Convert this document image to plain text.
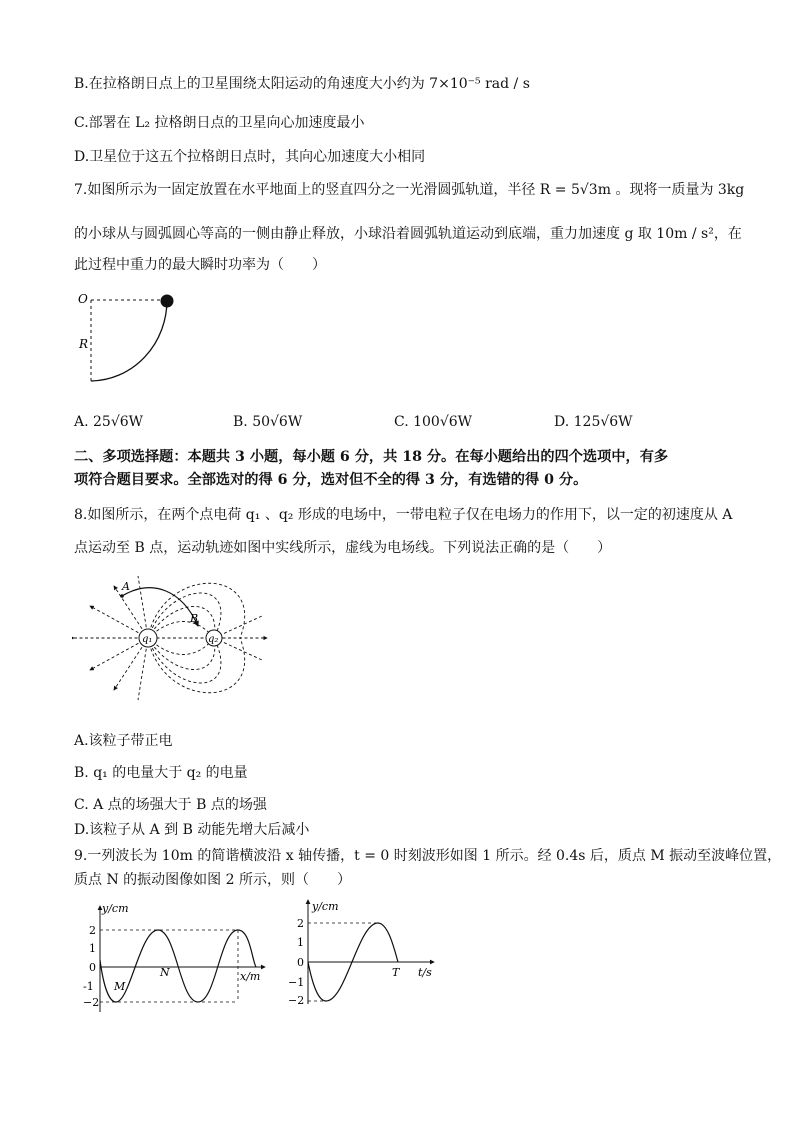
B.在拉格朗日点上的卫星围绕太阳运动的角速度大小约为 7×10⁻⁵ rad / s
C.部署在 L₂ 拉格朗日点的卫星向心加速度最小
D.卫星位于这五个拉格朗日点时，其向心加速度大小相同
7.如图所示为一固定放置在水平地面上的竖直四分之一光滑圆弧轨道，半径 R = 5√3m 。现将一质量为 3kg
的小球从与圆弧圆心等高的一侧由静止释放，小球沿着圆弧轨道运动到底端，重力加速度 g 取 10m / s²，在
此过程中重力的最大瞬时功率为（　　）
O
R
A. 25√6W	B. 50√6W	C. 100√6W	D. 125√6W
二、多项选择题：本题共 3 小题，每小题 6 分，共 18 分。在每小题给出的四个选项中，有多
项符合题目要求。全部选对的得 6 分，选对但不全的得 3 分，有选错的得 0 分。
8.如图所示，在两个点电荷 q₁ 、q₂ 形成的电场中，一带电粒子仅在电场力的作用下，以一定的初速度从 A
点运动至 B 点，运动轨迹如图中实线所示，虚线为电场线。下列说法正确的是（　　）
q₁	q₂
A
B
A.该粒子带正电
B. q₁ 的电量大于 q₂ 的电量
C. A 点的场强大于 B 点的场强
D.该粒子从 A 到 B 动能先增大后减小
9.一列波长为 10m 的简谐横波沿 x 轴传播，t = 0 时刻波形如图 1 所示。经 0.4s 后，质点 M 振动至波峰位置，
质点 N 的振动图像如图 2 所示，则（　　）
y/cm
x/m
2
1
0
-1
−2
M
N
y/cm
t/s
T
2
1
0
−1
−2
